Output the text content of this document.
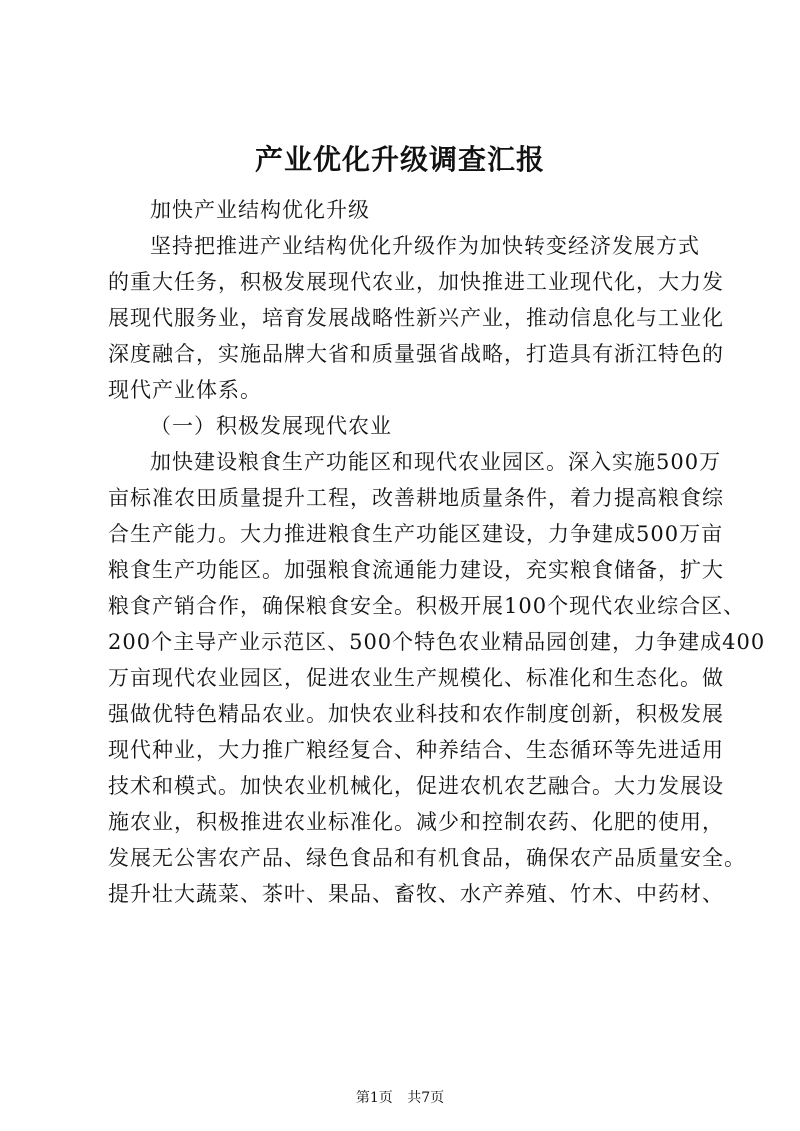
产业优化升级调查汇报
加快产业结构优化升级
坚持把推进产业结构优化升级作为加快转变经济发展方式
的重大任务，积极发展现代农业，加快推进工业现代化，大力发
展现代服务业，培育发展战略性新兴产业，推动信息化与工业化
深度融合，实施品牌大省和质量强省战略，打造具有浙江特色的
现代产业体系。
（一）积极发展现代农业
加快建设粮食生产功能区和现代农业园区。深入实施500万
亩标准农田质量提升工程，改善耕地质量条件，着力提高粮食综
合生产能力。大力推进粮食生产功能区建设，力争建成500万亩
粮食生产功能区。加强粮食流通能力建设，充实粮食储备，扩大
粮食产销合作，确保粮食安全。积极开展100个现代农业综合区、
200个主导产业示范区、500个特色农业精品园创建，力争建成400
万亩现代农业园区，促进农业生产规模化、标准化和生态化。做
强做优特色精品农业。加快农业科技和农作制度创新，积极发展
现代种业，大力推广粮经复合、种养结合、生态循环等先进适用
技术和模式。加快农业机械化，促进农机农艺融合。大力发展设
施农业，积极推进农业标准化。减少和控制农药、化肥的使用，
发展无公害农产品、绿色食品和有机食品，确保农产品质量安全。
提升壮大蔬菜、茶叶、果品、畜牧、水产养殖、竹木、中药材、
第1页 共7页
